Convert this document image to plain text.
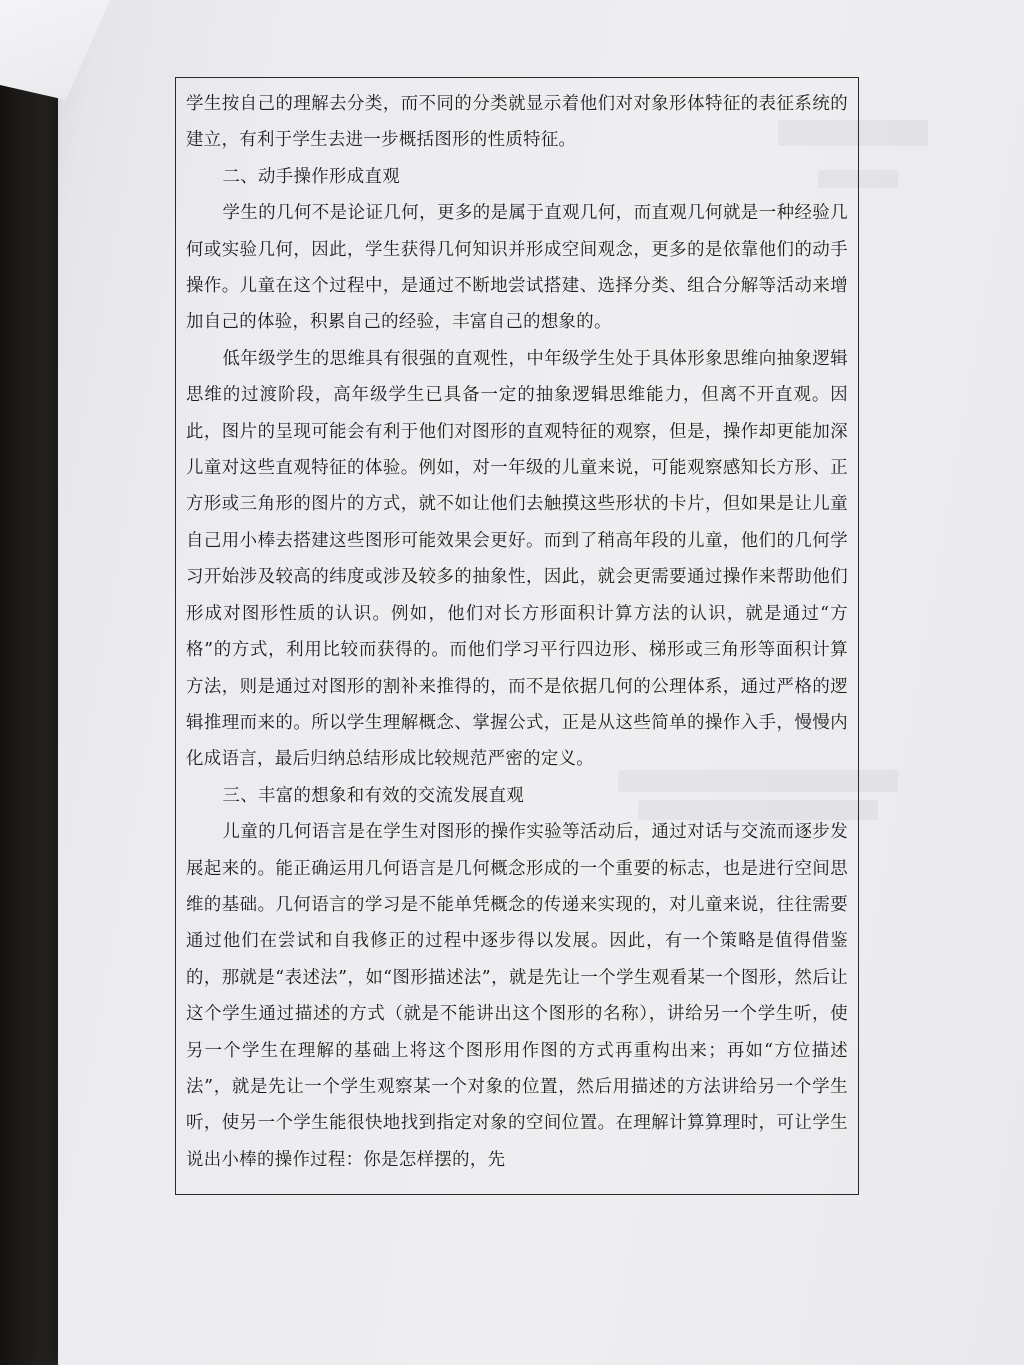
学生按自己的理解去分类，而不同的分类就显示着他们对对象形体特征的表征系统的建立，有利于学生去进一步概括图形的性质特征。

二、动手操作形成直观

学生的几何不是论证几何，更多的是属于直观几何，而直观几何就是一种经验几何或实验几何，因此，学生获得几何知识并形成空间观念，更多的是依靠他们的动手操作。儿童在这个过程中，是通过不断地尝试搭建、选择分类、组合分解等活动来增加自己的体验，积累自己的经验，丰富自己的想象的。

低年级学生的思维具有很强的直观性，中年级学生处于具体形象思维向抽象逻辑思维的过渡阶段，高年级学生已具备一定的抽象逻辑思维能力，但离不开直观。因此，图片的呈现可能会有利于他们对图形的直观特征的观察，但是，操作却更能加深儿童对这些直观特征的体验。例如，对一年级的儿童来说，可能观察感知长方形、正方形或三角形的图片的方式，就不如让他们去触摸这些形状的卡片，但如果是让儿童自己用小棒去搭建这些图形可能效果会更好。而到了稍高年段的儿童，他们的几何学习开始涉及较高的纬度或涉及较多的抽象性，因此，就会更需要通过操作来帮助他们形成对图形性质的认识。例如，他们对长方形面积计算方法的认识，就是通过“方格”的方式，利用比较而获得的。而他们学习平行四边形、梯形或三角形等面积计算方法，则是通过对图形的割补来推得的，而不是依据几何的公理体系，通过严格的逻辑推理而来的。所以学生理解概念、掌握公式，正是从这些简单的操作入手，慢慢内化成语言，最后归纳总结形成比较规范严密的定义。

三、丰富的想象和有效的交流发展直观

儿童的几何语言是在学生对图形的操作实验等活动后，通过对话与交流而逐步发展起来的。能正确运用几何语言是几何概念形成的一个重要的标志，也是进行空间思维的基础。几何语言的学习是不能单凭概念的传递来实现的，对儿童来说，往往需要通过他们在尝试和自我修正的过程中逐步得以发展。因此，有一个策略是值得借鉴的，那就是“表述法”，如“图形描述法”，就是先让一个学生观看某一个图形，然后让这个学生通过描述的方式（就是不能讲出这个图形的名称），讲给另一个学生听，使另一个学生在理解的基础上将这个图形用作图的方式再重构出来；再如“方位描述法”，就是先让一个学生观察某一个对象的位置，然后用描述的方法讲给另一个学生听，使另一个学生能很快地找到指定对象的空间位置。在理解计算算理时，可让学生说出小棒的操作过程：你是怎样摆的，先
